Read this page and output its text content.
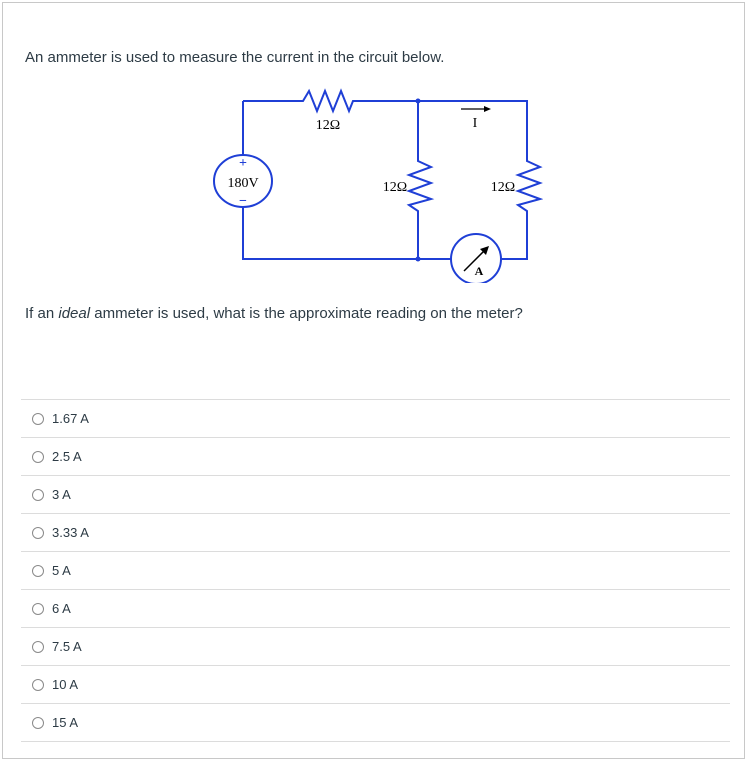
An ammeter is used to measure the current in the circuit below.
+
180V
−
12Ω
12Ω	12Ω
I
A
If an ideal ammeter is used, what is the approximate reading on the meter?
1.67 A
2.5 A
3 A
3.33 A
5 A
6 A
7.5 A
10 A
15 A
